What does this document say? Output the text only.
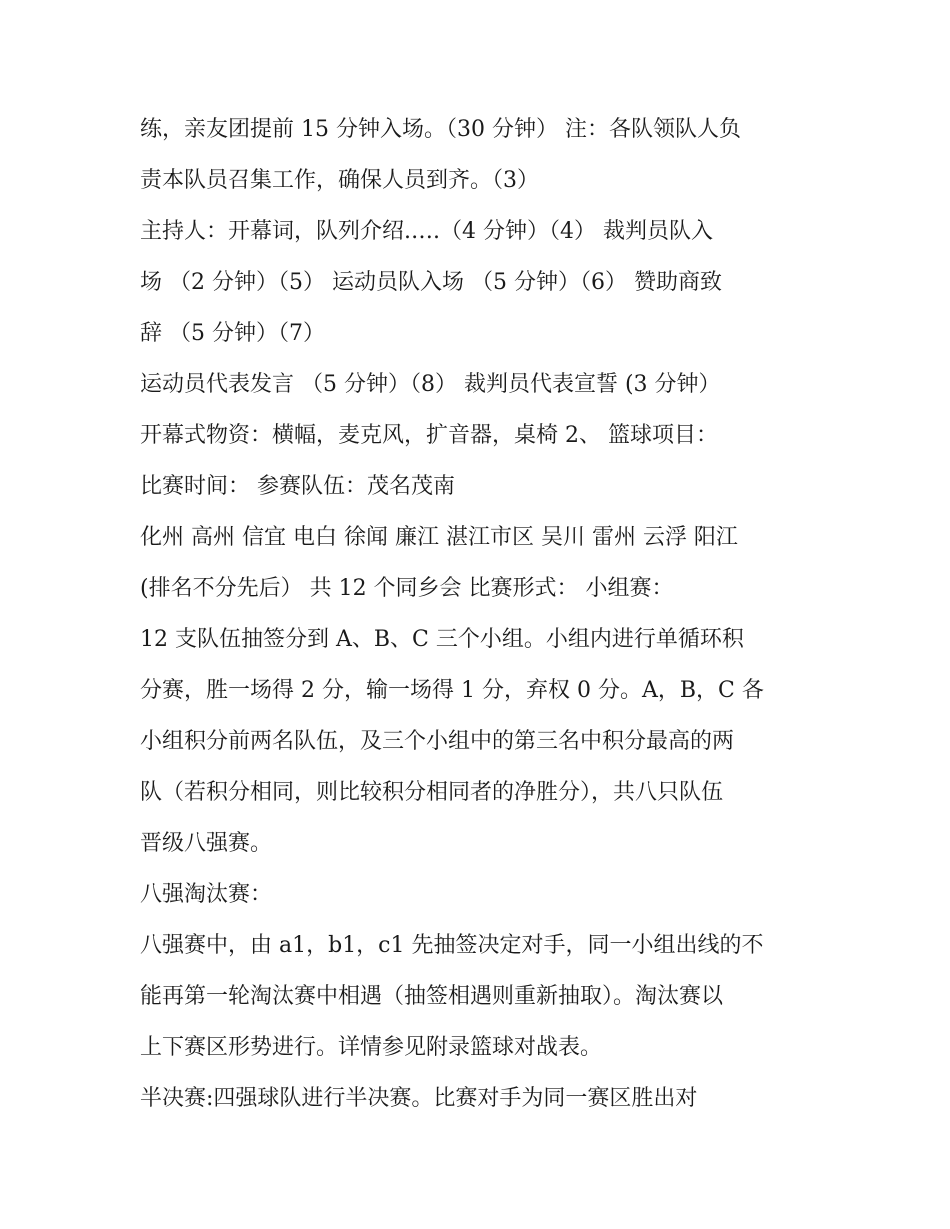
练，亲友团提前 15 分钟入场。（30 分钟） 注：各队领队人负
责本队员召集工作，确保人员到齐。（3）
主持人：开幕词，队列介绍.….（4 分钟）（4） 裁判员队入
场 （2 分钟）（5） 运动员队入场 （5 分钟）（6） 赞助商致
辞 （5 分钟）（7）
运动员代表发言 （5 分钟）（8） 裁判员代表宣誓 (3 分钟）
开幕式物资：横幅，麦克风，扩音器，桌椅 2、 篮球项目：
比赛时间： 参赛队伍：茂名茂南
化州 高州 信宜 电白 徐闻 廉江 湛江市区 吴川 雷州 云浮 阳江
(排名不分先后） 共 12 个同乡会 比赛形式： 小组赛：
12 支队伍抽签分到 A、B、C 三个小组。小组内进行单循环积
分赛，胜一场得 2 分，输一场得 1 分，弃权 0 分。A，B，C 各
小组积分前两名队伍，及三个小组中的第三名中积分最高的两
队（若积分相同，则比较积分相同者的净胜分），共八只队伍
晋级八强赛。
八强淘汰赛：
八强赛中，由 a1，b1，c1 先抽签决定对手，同一小组出线的不
能再第一轮淘汰赛中相遇（抽签相遇则重新抽取）。淘汰赛以
上下赛区形势进行。详情参见附录篮球对战表。
半决赛:四强球队进行半决赛。比赛对手为同一赛区胜出对
